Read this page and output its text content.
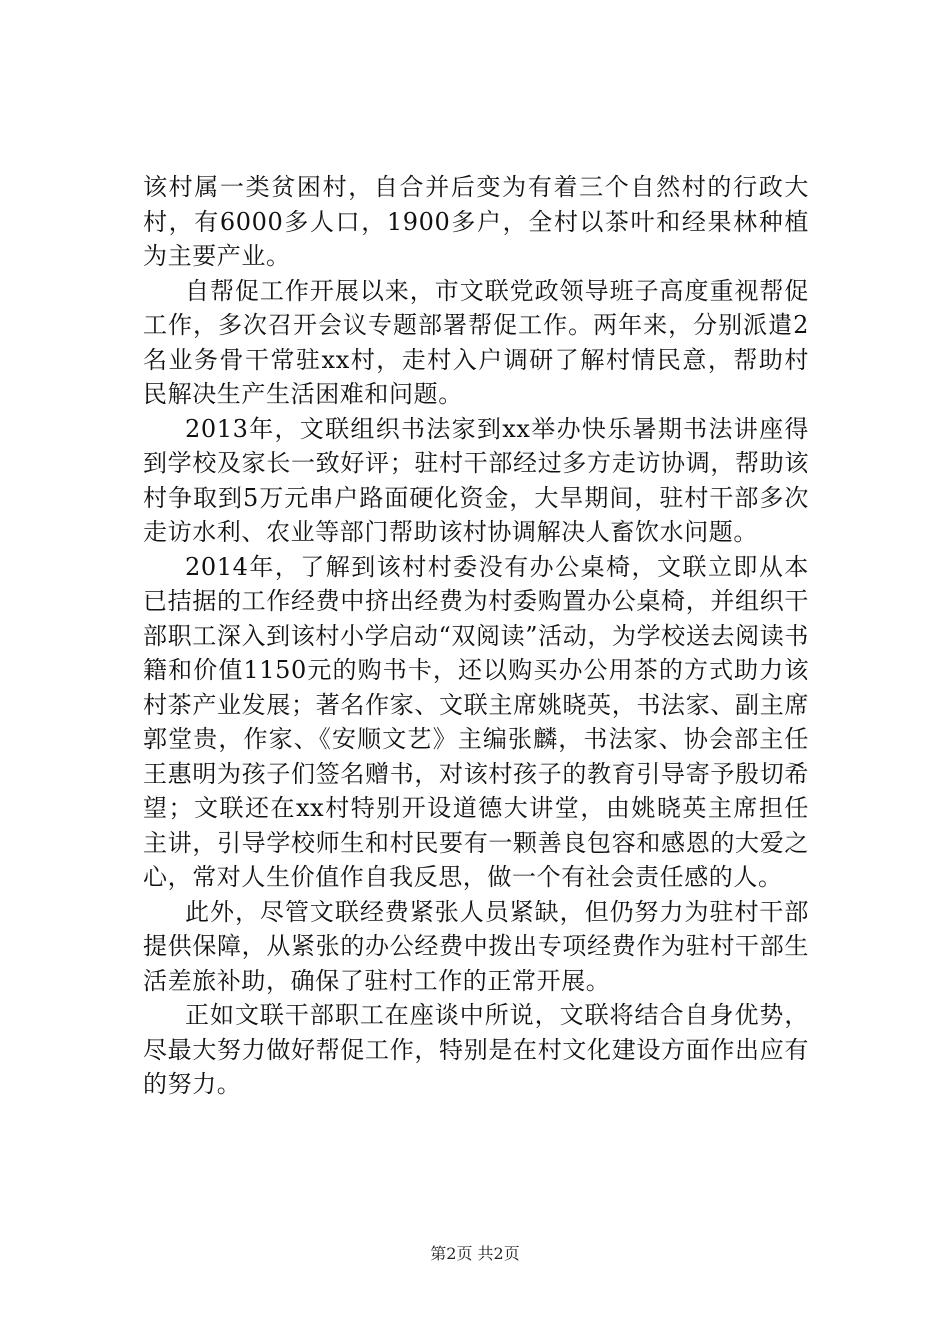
该村属一类贫困村，自合并后变为有着三个自然村的行政大村，有6000多人口，1900多户，全村以茶叶和经果林种植为主要产业。

自帮促工作开展以来，市文联党政领导班子高度重视帮促工作，多次召开会议专题部署帮促工作。两年来，分别派遣2名业务骨干常驻xx村，走村入户调研了解村情民意，帮助村民解决生产生活困难和问题。

2013年，文联组织书法家到xx举办快乐暑期书法讲座得到学校及家长一致好评；驻村干部经过多方走访协调，帮助该村争取到5万元串户路面硬化资金，大旱期间，驻村干部多次走访水利、农业等部门帮助该村协调解决人畜饮水问题。

2014年，了解到该村村委没有办公桌椅，文联立即从本已拮据的工作经费中挤出经费为村委购置办公桌椅，并组织干部职工深入到该村小学启动“双阅读”活动，为学校送去阅读书籍和价值1150元的购书卡，还以购买办公用茶的方式助力该村茶产业发展；著名作家、文联主席姚晓英，书法家、副主席郭堂贵，作家、《安顺文艺》主编张麟，书法家、协会部主任王惠明为孩子们签名赠书，对该村孩子的教育引导寄予殷切希望；文联还在xx村特别开设道德大讲堂，由姚晓英主席担任主讲，引导学校师生和村民要有一颗善良包容和感恩的大爱之心，常对人生价值作自我反思，做一个有社会责任感的人。

此外，尽管文联经费紧张人员紧缺，但仍努力为驻村干部提供保障，从紧张的办公经费中拨出专项经费作为驻村干部生活差旅补助，确保了驻村工作的正常开展。

正如文联干部职工在座谈中所说，文联将结合自身优势，尽最大努力做好帮促工作，特别是在村文化建设方面作出应有的努力。

第2页 共2页
